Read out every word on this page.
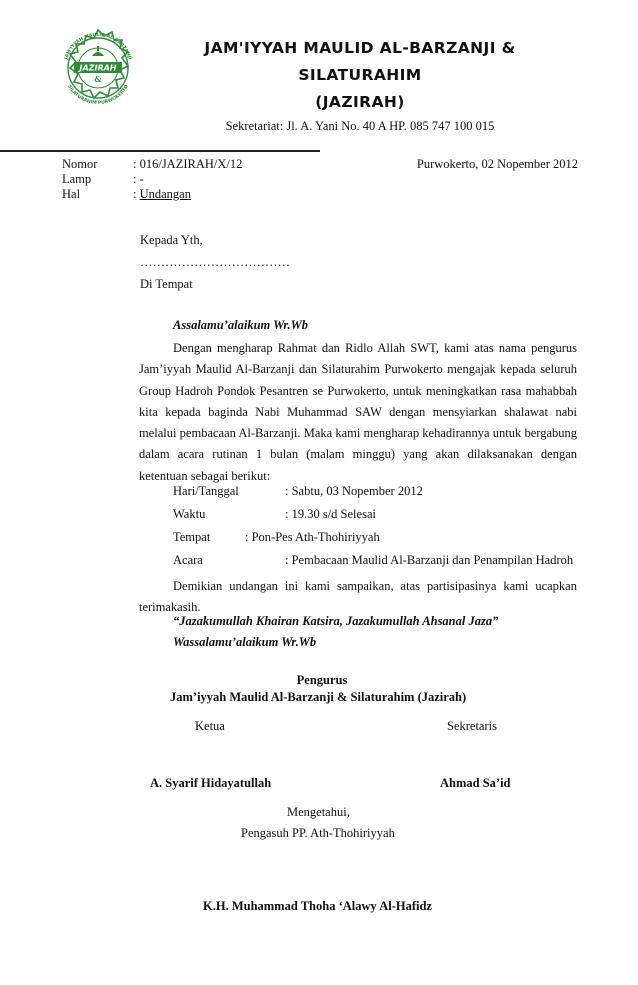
JAM'IYYAH MAULID AL-BARZANJI
SILATURAHIM PURWOKERTO
JAZIRAH
&
JAM'IYYAH MAULID AL-BARZANJI &
SILATURAHIM
(JAZIRAH)
Sekretariat: Jl. A. Yani No. 40 A HP. 085 747 100 015
Nomor	: 016/JAZIRAH/X/12	Purwokerto, 02 Nopember 2012
Lamp	: -
Hal	: Undangan
Kepada Yth,
………………………………
Di Tempat
Assalamu’alaikum Wr.Wb
Dengan mengharap Rahmat dan Ridlo Allah SWT, kami atas nama pengurus Jam’iyyah Maulid Al-Barzanji dan Silaturahim Purwokerto mengajak kepada seluruh Group Hadroh Pondok Pesantren se Purwokerto, untuk meningkatkan rasa mahabbah kita kepada baginda Nabi Muhammad SAW dengan mensyiarkan shalawat nabi melalui pembacaan Al-Barzanji. Maka kami mengharap kehadirannya untuk bergabung dalam acara rutinan 1 bulan (malam minggu) yang akan dilaksanakan dengan ketentuan sebagai berikut:
Hari/Tanggal	: Sabtu, 03 Nopember 2012
Waktu	: 19.30 s/d Selesai
Tempat	: Pon-Pes Ath-Thohiriyyah
Acara	: Pembacaan Maulid Al-Barzanji dan Penampilan Hadroh
Demikian undangan ini kami sampaikan, atas partisipasinya kami ucapkan terimakasih.
“Jazakumullah Khairan Katsira, Jazakumullah Ahsanal Jaza”
Wassalamu’alaikum Wr.Wb
Pengurus
Jam’iyyah Maulid Al-Barzanji & Silaturahim (Jazirah)
Ketua	Sekretaris
A. Syarif Hidayatullah	Ahmad Sa’id
Mengetahui,
Pengasuh PP. Ath-Thohiriyyah
K.H. Muhammad Thoha ‘Alawy Al-Hafidz
